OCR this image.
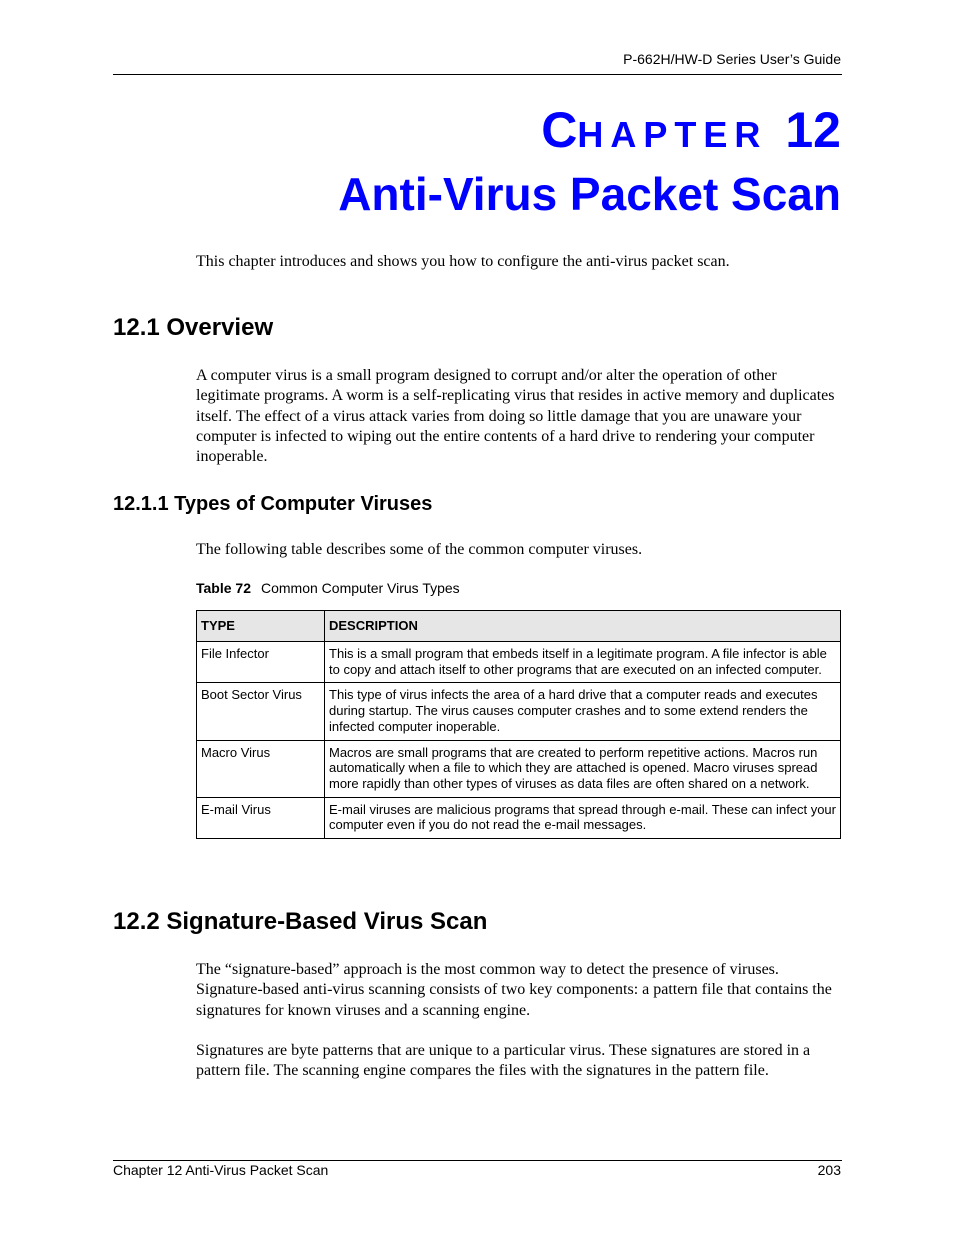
P-662H/HW-D Series User’s Guide
CHAPTER 12
Anti-Virus Packet Scan
This chapter introduces and shows you how to configure the anti-virus packet scan.
12.1 Overview
A computer virus is a small program designed to corrupt and/or alter the operation of other legitimate programs. A worm is a self-replicating virus that resides in active memory and duplicates itself. The effect of a virus attack varies from doing so little damage that you are unaware your computer is infected to wiping out the entire contents of a hard drive to rendering your computer inoperable.
12.1.1 Types of Computer Viruses
The following table describes some of the common computer viruses.
Table 72 Common Computer Virus Types
TYPE	DESCRIPTION
File Infector	This is a small program that embeds itself in a legitimate program. A file infector is able to copy and attach itself to other programs that are executed on an infected computer.
Boot Sector Virus	This type of virus infects the area of a hard drive that a computer reads and executes during startup. The virus causes computer crashes and to some extend renders the infected computer inoperable.
Macro Virus	Macros are small programs that are created to perform repetitive actions. Macros run automatically when a file to which they are attached is opened. Macro viruses spread more rapidly than other types of viruses as data files are often shared on a network.
E-mail Virus	E-mail viruses are malicious programs that spread through e-mail. These can infect your computer even if you do not read the e-mail messages.
12.2 Signature-Based Virus Scan
The “signature-based” approach is the most common way to detect the presence of viruses. Signature-based anti-virus scanning consists of two key components: a pattern file that contains the signatures for known viruses and a scanning engine.
Signatures are byte patterns that are unique to a particular virus. These signatures are stored in a pattern file. The scanning engine compares the files with the signatures in the pattern file.
Chapter 12 Anti-Virus Packet Scan	203
